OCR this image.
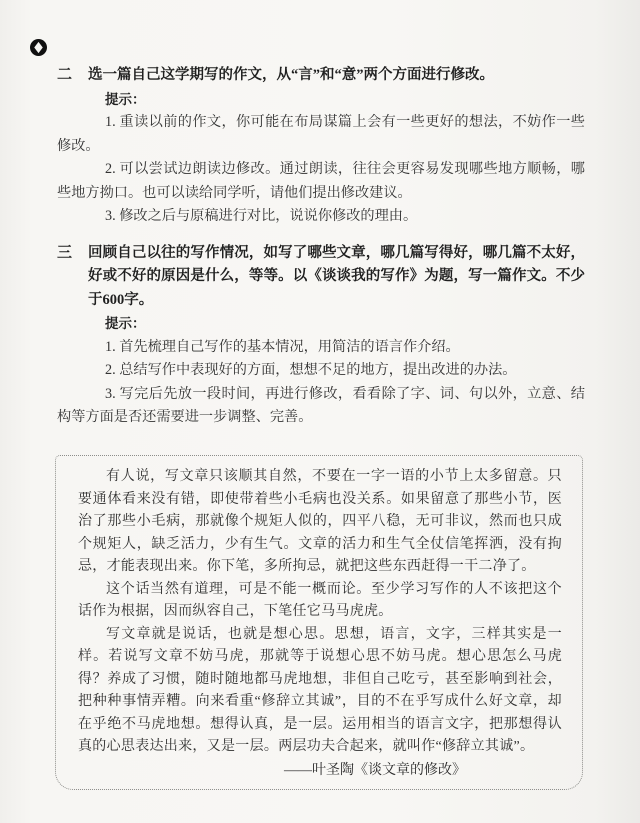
二	选一篇自己这学期写的作文，从“言”和“意”两个方面进行修改。
提示：

1. 重读以前的作文，你可能在布局谋篇上会有一些更好的想法，不妨作一些修改。

2. 可以尝试边朗读边修改。通过朗读，往往会更容易发现哪些地方顺畅，哪些地方拗口。也可以读给同学听，请他们提出修改建议。

3. 修改之后与原稿进行对比，说说你修改的理由。

三	回顾自己以往的写作情况，如写了哪些文章，哪几篇写得好，哪几篇不太好，好或不好的原因是什么，等等。以《谈谈我的写作》为题，写一篇作文。不少于600字。
提示：

1. 首先梳理自己写作的基本情况，用简洁的语言作介绍。

2. 总结写作中表现好的方面，想想不足的地方，提出改进的办法。

3. 写完后先放一段时间，再进行修改，看看除了字、词、句以外，立意、结构等方面是否还需要进一步调整、完善。

有人说，写文章只该顺其自然，不要在一字一语的小节上太多留意。只要通体看来没有错，即使带着些小毛病也没关系。如果留意了那些小节，医治了那些小毛病，那就像个规矩人似的，四平八稳，无可非议，然而也只成个规矩人，缺乏活力，少有生气。文章的活力和生气全仗信笔挥洒，没有拘忌，才能表现出来。你下笔，多所拘忌，就把这些东西赶得一干二净了。

这个话当然有道理，可是不能一概而论。至少学习写作的人不该把这个话作为根据，因而纵容自己，下笔任它马马虎虎。

写文章就是说话，也就是想心思。思想，语言，文字，三样其实是一样。若说写文章不妨马虎，那就等于说想心思不妨马虎。想心思怎么马虎得？养成了习惯，随时随地都马虎地想，非但自己吃亏，甚至影响到社会，把种种事情弄糟。向来看重“修辞立其诚”，目的不在乎写成什么好文章，却在乎绝不马虎地想。想得认真，是一层。运用相当的语言文字，把那想得认真的心思表达出来，又是一层。两层功夫合起来，就叫作“修辞立其诚”。

——叶圣陶《谈文章的修改》
